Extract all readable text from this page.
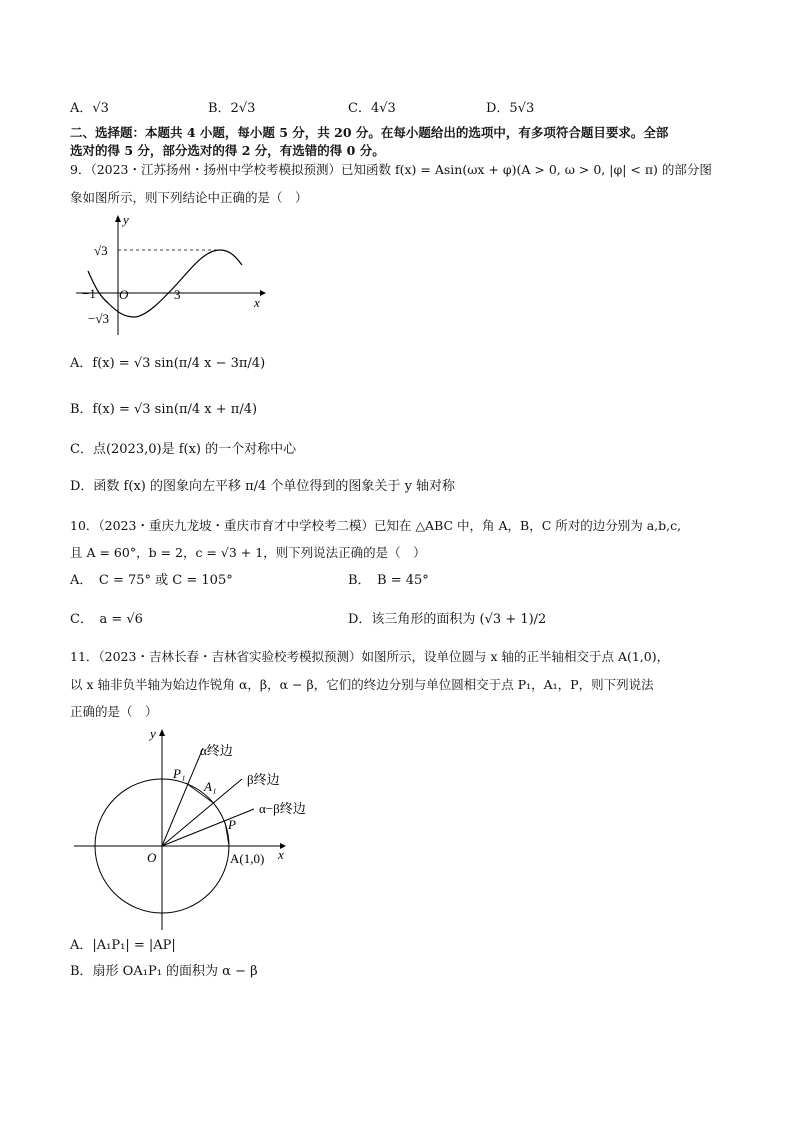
A．√3	B．2√3	C．4√3	D．5√3
二、选择题：本题共 4 小题，每小题 5 分，共 20 分。在每小题给出的选项中，有多项符合题目要求。全部
选对的得 5 分，部分选对的得 2 分，有选错的得 0 分。
9．（2023・江苏扬州・扬州中学校考模拟预测）已知函数 f(x) = Asin(ωx + φ)(A > 0, ω > 0, |φ| < π) 的部分图
象如图所示，则下列结论中正确的是（　）
y
x
√3
−√3
−1 O	3
A．f(x) = √3 sin(π/4 x − 3π/4)
B．f(x) = √3 sin(π/4 x + π/4)
C．点(2023,0)是 f(x) 的一个对称中心
D．函数 f(x) 的图象向左平移 π/4 个单位得到的图象关于 y 轴对称
10．（2023・重庆九龙坡・重庆市育才中学校考二模）已知在 △ABC 中，角 A，B，C 所对的边分别为 a,b,c,
且 A = 60°，b = 2，c = √3 + 1，则下列说法正确的是（　）
A．　C = 75° 或 C = 105°	B．　B = 45°
C．　a = √6	D．该三角形的面积为 (√3 + 1)/2
11．（2023・吉林长春・吉林省实验校考模拟预测）如图所示，设单位圆与 x 轴的正半轴相交于点 A(1,0)，
以 x 轴非负半轴为始边作锐角 α，β，α − β，它们的终边分别与单位圆相交于点 P₁，A₁，P，则下列说法
正确的是（　）
y
x
O	A(1,0)
P₁
A₁
P
α终边
β终边
α−β终边
A．|A₁P₁| = |AP|
B．扇形 OA₁P₁ 的面积为 α − β
